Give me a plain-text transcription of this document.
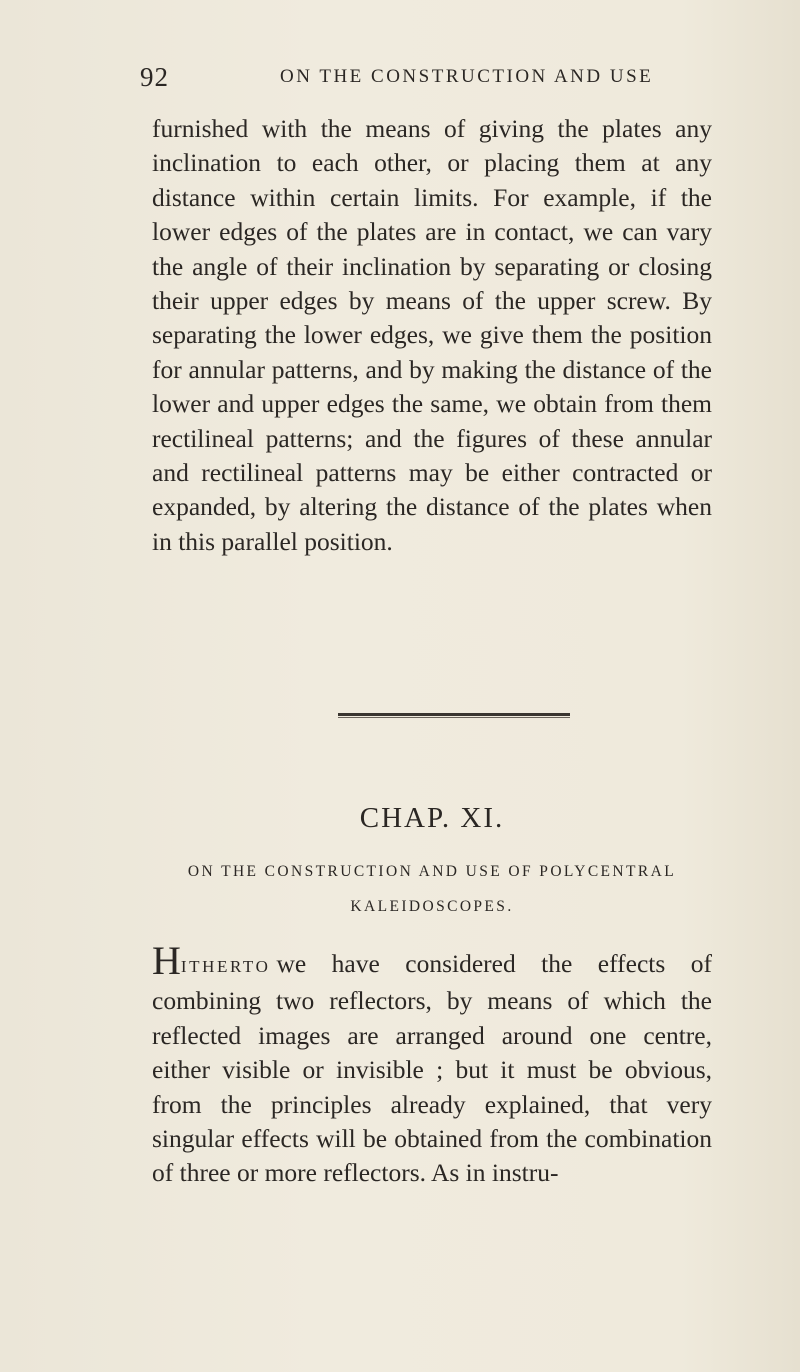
92	ON THE CONSTRUCTION AND USE

furnished with the means of giving the plates any inclination to each other, or placing them at any distance within certain limits. For example, if the lower edges of the plates are in contact, we can vary the angle of their inclination by separating or closing their upper edges by means of the upper screw. By separating the lower edges, we give them the position for annular patterns, and by making the distance of the lower and upper edges the same, we obtain from them rectilineal patterns; and the figures of these annular and rectilineal patterns may be either contracted or expanded, by altering the distance of the plates when in this parallel position.

CHAP. XI.
ON THE CONSTRUCTION AND USE OF POLYCENTRAL
KALEIDOSCOPES.

HITHERTO we have considered the effects of combining two reflectors, by means of which the reflected images are arranged around one centre, either visible or invisible ; but it must be obvious, from the principles already explained, that very singular effects will be obtained from the combination of three or more reflectors. As in instru-
